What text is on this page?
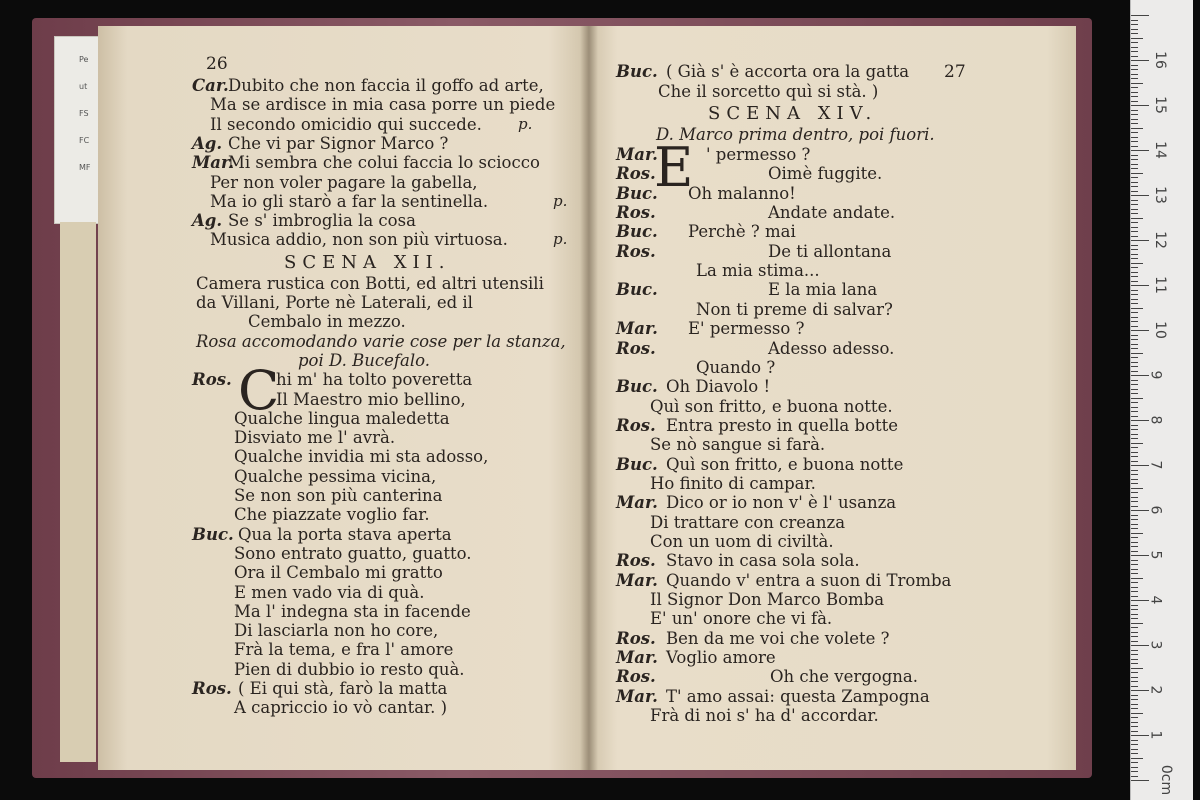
Pe
ut
FS
FC
MF
26
Car. Dubito che non faccia il goffo ad arte,
Ma se ardisce in mia casa porre un piede
Il secondo omicidio qui succede. p.
Ag. Che vi par Signor Marco ?
Mar.
Mi sembra che colui faccia lo sciocco
Per non voler pagare la gabella,
Ma io gli starò a far la sentinella.	p.
Ag. Se s' imbroglia la cosa
Musica addio, non son più virtuosa.	p.
SCENA XII.
Camera rustica con Botti, ed altri utensili
da Villani, Porte nè Laterali, ed il
Cembalo in mezzo.
Rosa accomodando varie cose per la stanza,
poi D. Bucefalo.
Ros. C
hi m' ha tolto poveretta
Il Maestro mio bellino,
Qualche lingua maledetta
Disviato me l' avrà.
Qualche invidia mi sta adosso,
Qualche pessima vicina,
Se non son più canterina
Che piazzate voglio far.
Buc. Qua la porta stava aperta
Sono entrato guatto, guatto.
Ora il Cembalo mi gratto
E men vado via di quà.
Ma l' indegna sta in facende
Di lasciarla non ho core,
Frà la tema, e fra l' amore
Pien di dubbio io resto quà.
Ros. ( Ei qui stà, farò la matta
A capriccio io vò cantar. )
27
Buc. ( Già s' è accorta ora la gatta
Che il sorcetto quì si stà. )
SCENA XIV.
D. Marco prima dentro, poi fuori.
E
Mar.	' permesso ?
Ros.	Oimè fuggite.
Buc. Oh malanno!
Ros.	Andate andate.
Buc. Perchè ? mai
Ros.	De ti allontana
La mia stima...
Buc.	E la mia lana
Non ti preme di salvar?
Mar. E' permesso ?
Ros.	Adesso adesso.
Quando ?
Buc. Oh Diavolo !
Quì son fritto, e buona notte.
Ros. Entra presto in quella botte
Se nò sangue si farà.
Buc. Quì son fritto, e buona notte
Ho finito di campar.
Mar. Dico or io non v' è l' usanza
Di trattare con creanza
Con un uom di civiltà.
Ros. Stavo in casa sola sola.
Mar. Quando v' entra a suon di Tromba
Il Signor Don Marco Bomba
E' un' onore che vi fà.
Ros. Ben da me voi che volete ?
Mar. Voglio amore
Ros.	Oh che vergogna.
Mar. T' amo assai: questa Zampogna
Frà di noi s' ha d' accordar.
16
15
14
13
12
11
10
9
8
7
6
5
4
3
2
1
0cm
